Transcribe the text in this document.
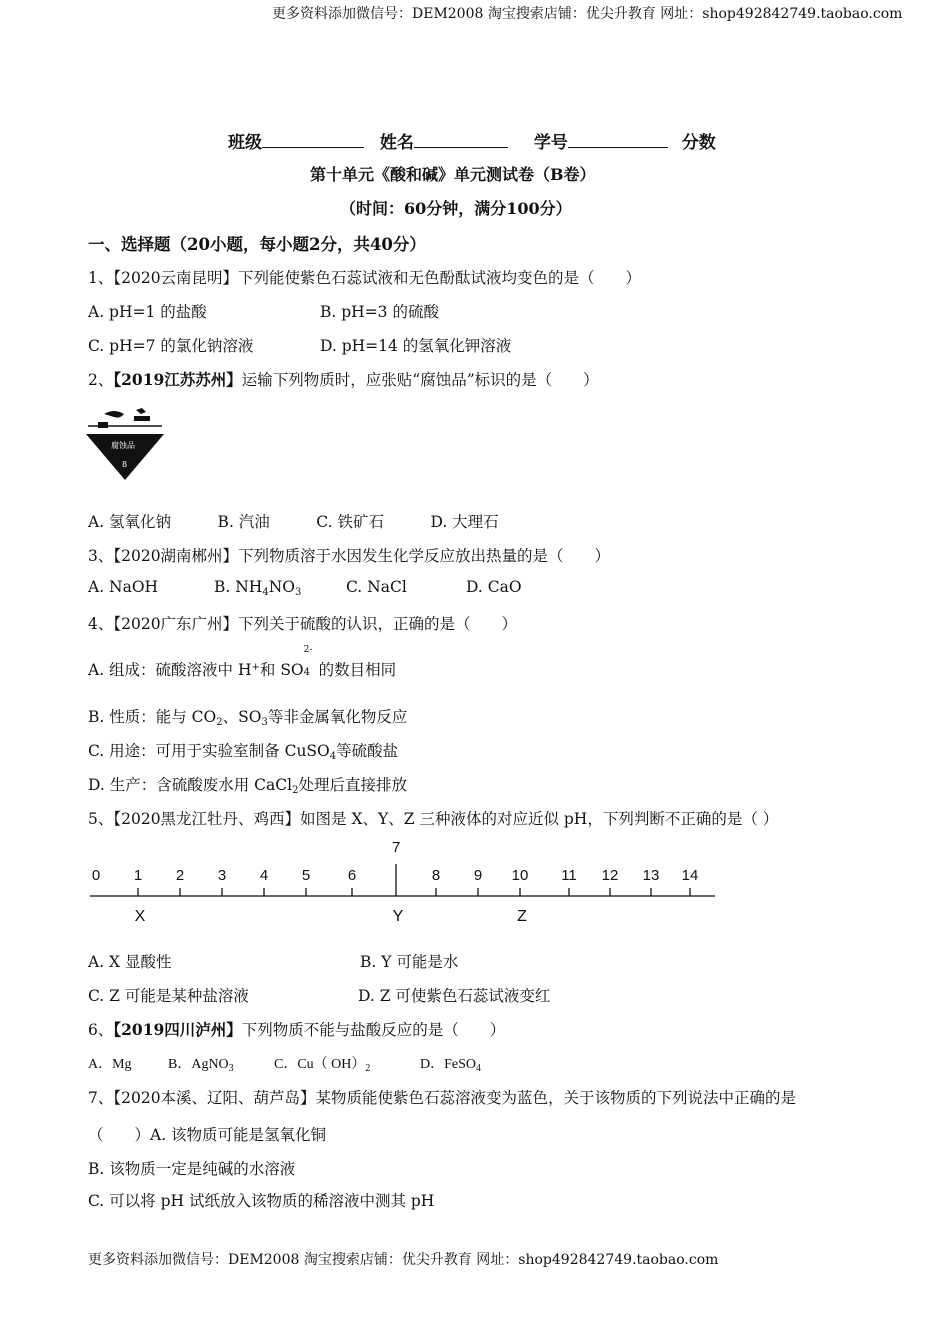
更多资料添加微信号：DEM2008 淘宝搜索店铺：优尖升教育 网址：shop492842749.taobao.com
班级	姓名	学号	分数
第十单元《酸和碱》单元测试卷（B卷）
（时间：60分钟，满分100分）
一、选择题（20小题，每小题2分，共40分）
1、【2020云南昆明】下列能使紫色石蕊试液和无色酚酞试液均变色的是（　　）
A. pH=1 的盐酸	B. pH=3 的硫酸
C. pH=7 的氯化钠溶液	D. pH=14 的氢氧化钾溶液
2、【2019江苏苏州】运输下列物质时，应张贴“腐蚀品”标识的是（　　）
腐蚀品
8
A. 氢氧化钠　　　B. 汽油　　　C. 铁矿石　　　D. 大理石
3、【2020湖南郴州】下列物质溶于水因发生化学反应放出热量的是（　　）
A. NaOH	B. $NH_4NO_3$	C. NaCl	D. CaO
4、【2020广东广州】下列关于硫酸的认识，正确的是（　　）
A. 组成：硫酸溶液中 H+和 SO
2-
4 的数目相同
B. 性质：能与 $CO_2$、$SO_3$等非金属氧化物反应
C. 用途：可用于实验室制备 CuSO$_4$等硫酸盐
D. 生产：含硫酸废水用 CaCl$_2$处理后直接排放
5、【2020黑龙江牡丹、鸡西】如图是 X、Y、Z 三种液体的对应近似 pH，下列判断不正确的是（ ）
0 1 2 3 4 5	6
7
8 9 10 11 12 13 14
X	Y	Z
A. X 显酸性	B. Y 可能是水
C. Z 可能是某种盐溶液	D. Z 可使紫色石蕊试液变红
6、【2019四川泸州】下列物质不能与盐酸反应的是（　　）
A．Mg	B．AgNO$_3$	C．Cu（ $OH)_2$	D．FeSO$_4$
7、【2020本溪、辽阳、葫芦岛】某物质能使紫色石蕊溶液变为蓝色，关于该物质的下列说法中正确的是
（　　）A. 该物质可能是氢氧化铜
B. 该物质一定是纯碱的水溶液
C. 可以将 pH 试纸放入该物质的稀溶液中测其 pH
更多资料添加微信号：DEM2008 淘宝搜索店铺：优尖升教育 网址：shop492842749.taobao.com
